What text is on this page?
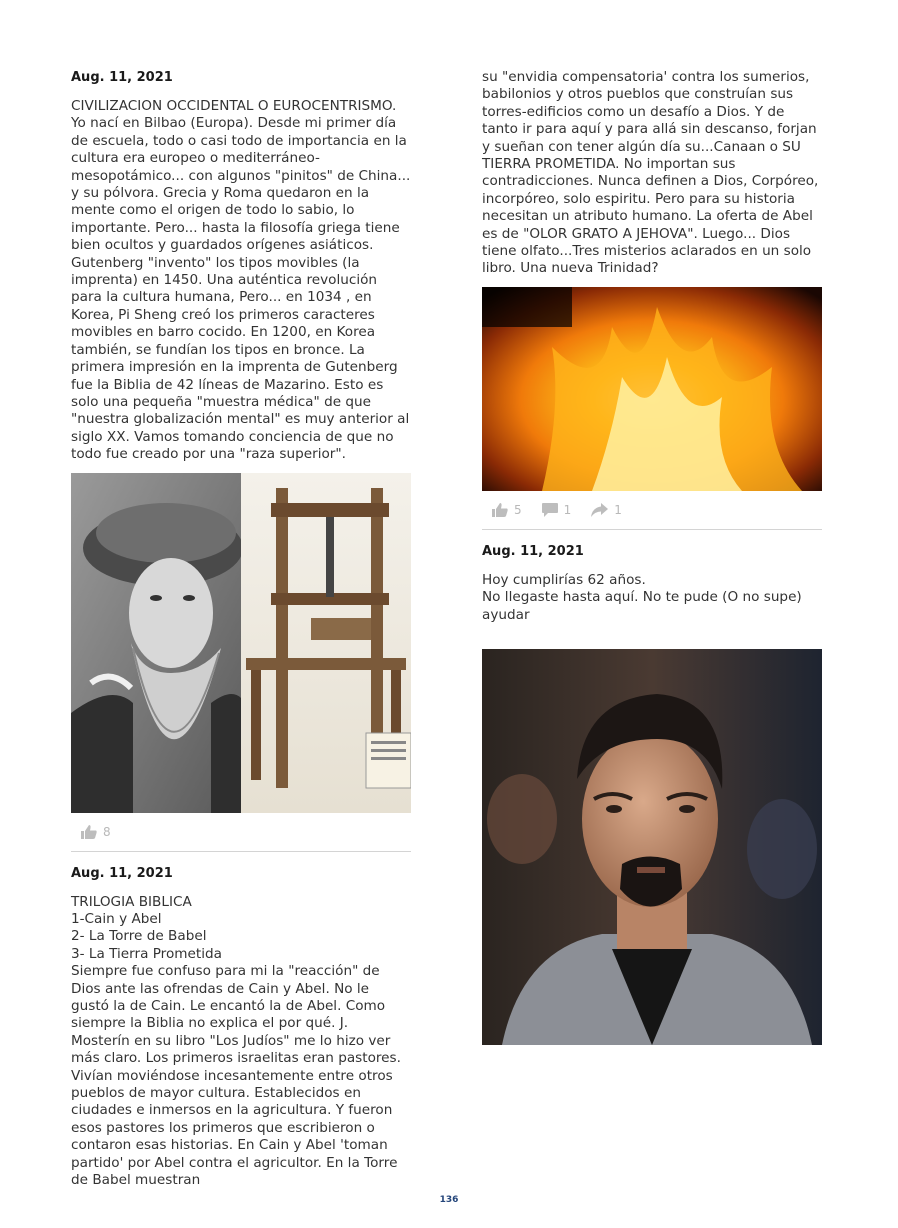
Aug. 11, 2021

CIVILIZACION OCCIDENTAL O EUROCENTRISMO.
Yo nací en Bilbao (Europa). Desde mi primer día de escuela, todo o casi todo de importancia en la cultura era europeo o mediterráneo-mesopotámico... con algunos "pinitos" de China... y su pólvora. Grecia y Roma quedaron en la mente como el origen de todo lo sabio, lo importante. Pero... hasta la filosofía griega tiene bien ocultos y guardados orígenes asiáticos. Gutenberg "invento" los tipos movibles (la imprenta) en 1450. Una auténtica revolución para la cultura humana, Pero... en 1034 , en Korea, Pi Sheng creó los primeros caracteres movibles en barro cocido. En 1200, en Korea también, se fundían los tipos en bronce. La primera impresión en la imprenta de Gutenberg fue la Biblia de 42 líneas de Mazarino. Esto es solo una pequeña "muestra médica" de que "nuestra globalización mental" es muy anterior al siglo XX. Vamos tomando conciencia de que no todo fue creado por una "raza superior".

8

Aug. 11, 2021

TRILOGIA BIBLICA
1-Cain y Abel
2- La Torre de Babel
3- La Tierra Prometida
Siempre fue confuso para mi la "reacción" de Dios ante las ofrendas de Cain y Abel. No le gustó la de Cain. Le encantó la de Abel. Como siempre la Biblia no explica el por qué. J. Mosterín en su libro "Los Judíos" me lo hizo ver más claro. Los primeros israelitas eran pastores. Vivían moviéndose incesantemente entre otros pueblos de mayor cultura. Establecidos en ciudades e inmersos en la agricultura. Y fueron esos pastores los primeros que escribieron o contaron esas historias. En Cain y Abel 'toman partido' por Abel contra el agricultor. En la Torre de Babel muestran

su "envidia compensatoria' contra los sumerios, babilonios y otros pueblos que construían sus torres-edificios como un desafío a Dios. Y de tanto ir para aquí y para allá sin descanso, forjan y sueñan con tener algún día su...Canaan o SU TIERRA PROMETIDA. No importan sus contradicciones. Nunca definen a Dios, Corpóreo, incorpóreo, solo espiritu. Pero para su historia necesitan un atributo humano. La oferta de Abel es de "OLOR GRATO A JEHOVA". Luego... Dios tiene olfato...Tres misterios aclarados en un solo libro. Una nueva Trinidad?

5	1	1

Aug. 11, 2021

Hoy cumplirías 62 años.
No llegaste hasta aquí. No te pude (O no supe) ayudar

136
